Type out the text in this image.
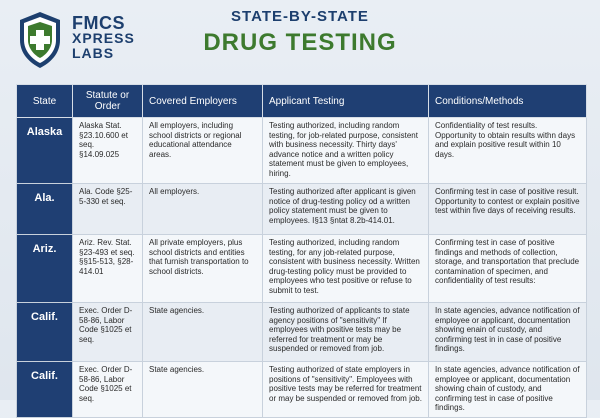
FMCS
XPRESS
LABS
STATE-BY-STATE
DRUG TESTING
State	Statute or Order	Covered Employers	Applicant Testing	Conditions/Methods
Alaska	Alaska Stat. §23.10.600 et seq. §14.09.025	All employers, including school districts or regional educational attendance areas.	Testing authorized, including random testing, for job-related purpose, consistent with business necessity. Thirty days' advance notice and a written policy statement must be given to employees, hiring.	Confidentiality of test results. Opportunity to obtain results withn days and explain positive result within 10 days.
Ala.	Ala. Code §25-5-330 et seq.	All employers.	Testing authorized after applicant is given notice of drug-testing policy od a written policy statement must be given to employees. I§13 §ntat 8.2b-414.01.	Confirming test in case of positive result. Opportunity to contest or explain positive test within five days of receiving results.
Ariz.	Ariz. Rev. Stat. §23-493 et seq. §§15-513, §28-414.01	All private employers, plus school districts and entities that furnish transportation to school districts.	Testing authorized, including random testing, for any job-related purpose, consistent with business necessity. Written drug-testing policy must be provided to employees who test positive or refuse to submit to test.	Confirming test in case of positive findings and methods of collection, storage, and transportation that preclude contamination of specimen, and confidentiality of test results:
Calif.	Exec. Order D-58-86, Labor Code §1025 et seq.	State agencies.	Testing authorized of applicants to state agency positions of "sensitivity" If employees with positive tests may be referred for treatment or may be suspended or removed from job.	In state agencies, advance notification of employee or applicant, documentation showing enain of custody, and confirming test in in case of positive findings.
Calif.	Exec. Order D-58-86, Labor Code §1025 et seq.	State agencies.	Testing authorized of state employers in positions of "sensitivity". Employees with positive tests may be referred for treatment or may be suspended or removed from job.	In state agencies, advance notification of employee or applicant, documentation showing chain of custody, and confirming test in case of positive findings.
